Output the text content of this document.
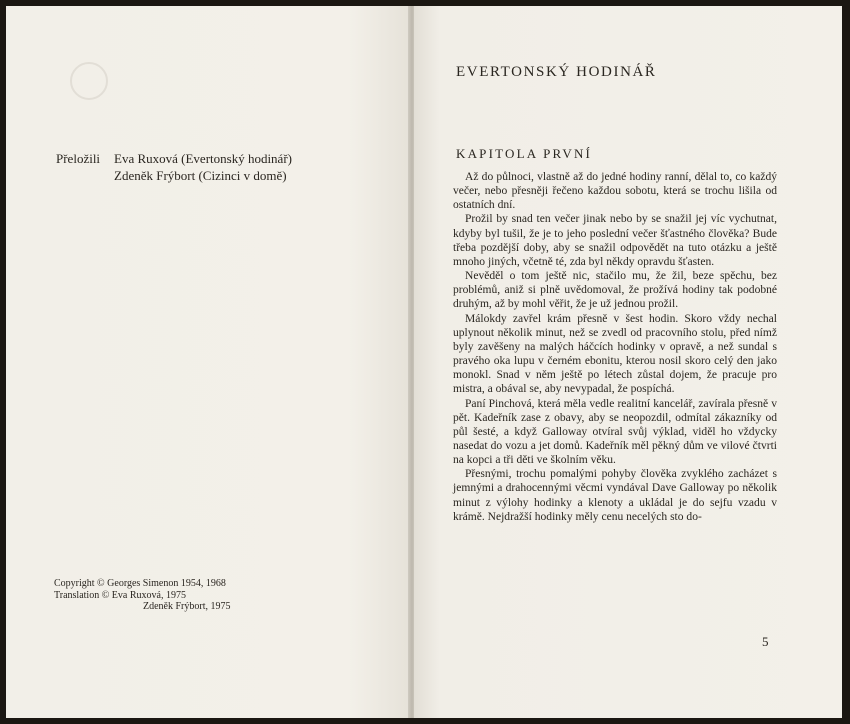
Přeložili	Eva Ruxová (Evertonský hodinář)
Zdeněk Frýbort (Cizinci v domě)
Copyright © Georges Simenon 1954, 1968
Translation © Eva Ruxová, 1975
Zdeněk Frýbort, 1975
EVERTONSKÝ HODINÁŘ
KAPITOLA PRVNÍ

Až do půlnoci, vlastně až do jedné hodiny ranní, dělal to, co každý večer, nebo přesněji řečeno každou sobotu, která se trochu lišila od ostatních dní.

Prožil by snad ten večer jinak nebo by se snažil jej víc vychutnat, kdyby byl tušil, že je to jeho poslední večer šťastného člověka? Bude třeba pozdější doby, aby se snažil odpovědět na tuto otázku a ještě mnoho jiných, včetně té, zda byl někdy opravdu šťasten.

Nevěděl o tom ještě nic, stačilo mu, že žil, beze spěchu, bez problémů, aniž si plně uvědomoval, že prožívá hodiny tak podobné druhým, až by mohl věřit, že je už jednou prožil.

Málokdy zavřel krám přesně v šest hodin. Skoro vždy nechal uplynout několik minut, než se zvedl od pracovního stolu, před nímž byly zavěšeny na malých háčcích hodinky v opravě, a než sundal s pravého oka lupu v černém ebonitu, kterou nosil skoro celý den jako monokl. Snad v něm ještě po létech zůstal dojem, že pracuje pro mistra, a obával se, aby nevypadal, že pospíchá.

Paní Pinchová, která měla vedle realitní kancelář, zavírala přesně v pět. Kadeřník zase z obavy, aby se neopozdil, odmítal zákazníky od půl šesté, a když Galloway otvíral svůj výklad, viděl ho vždycky nasedat do vozu a jet domů. Kadeřník měl pěkný dům ve vilové čtvrti na kopci a tři děti ve školním věku.

Přesnými, trochu pomalými pohyby člověka zvyklého zacházet s jemnými a drahocennými věcmi vyndával Dave Galloway po několik minut z výlohy hodinky a klenoty a ukládal je do sejfu vzadu v krámě. Nejdražší hodinky měly cenu necelých sto do-

5
